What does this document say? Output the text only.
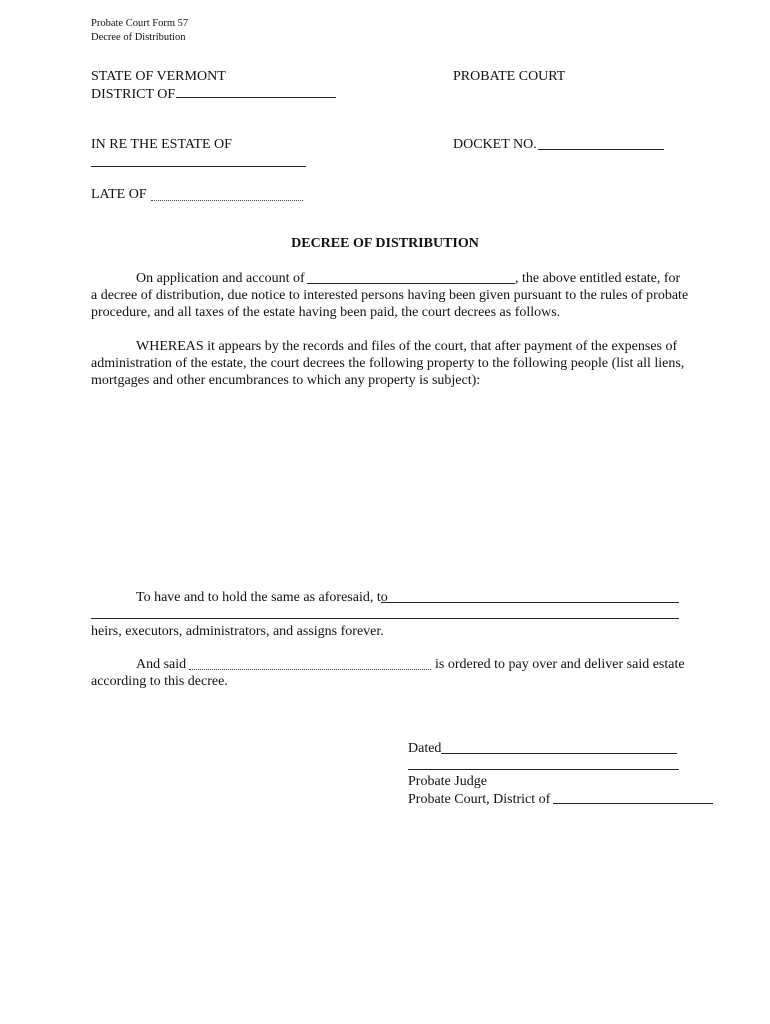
Probate Court Form 57
Decree of Distribution
STATE OF VERMONT
DISTRICT OF
PROBATE COURT
IN RE THE ESTATE OF	DOCKET NO.
LATE OF
DECREE OF DISTRIBUTION
On application and account of	, the above entitled estate, for
a decree of distribution, due notice to interested persons having been given pursuant to the rules of probate
procedure, and all taxes of the estate having been paid, the court decrees as follows.
WHEREAS it appears by the records and files of the court, that after payment of the expenses of
administration of the estate, the court decrees the following property to the following people (list all liens,
mortgages and other encumbrances to which any property is subject):
To have and to hold the same as aforesaid, to
heirs, executors, administrators, and assigns forever.
And said	is ordered to pay over and deliver said estate
according to this decree.
Dated
Probate Judge
Probate Court, District of
